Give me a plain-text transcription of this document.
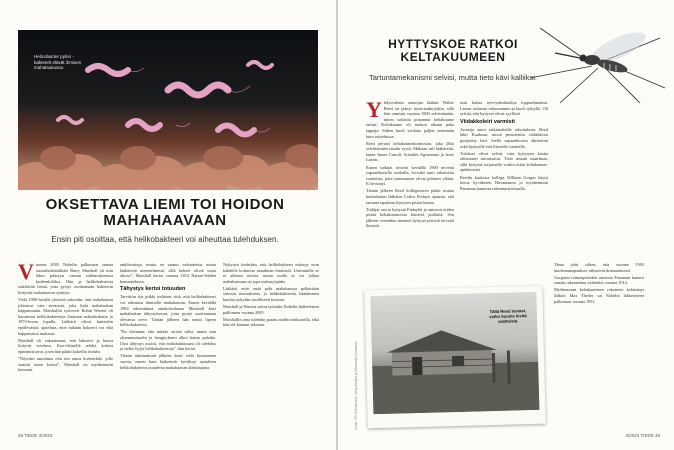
Helicobacter pylori -bakteerit elävät ihmisen mahalaukussa.
OKSETTAVA LIEMI TOI HOIDON MAHAHAAVAAN
Ensin piti osoittaa, että helikobakteeri voi aiheuttaa tulehduksen.

Vuonna 2005 Nobelin palkinnon saanut australialaislääkäri Barry Marshall oli niin lähes pääsyyn omaan tutkimukseensa koehenkilöksi. Hän ja helikobakteeria sisältävää lientä, jotta pystyi osoittamaan bakteerin liittyvän mahahaavan syntyyn.

Vielä 1980-luvulla yleisesti uskottiin, että mahahaavat johtuivat vain stressistä, joka lisää mahalaukun happamuutta. Marshallin työtoveri Robin Warren oli havainnut helikobakteereja ihmisten mahalaukusta jo 1970-luvun lopulla. Lääkärit olivat kuitenkin epäileväisiä: ajateltiin, ettei mikään bakteeri voi elää happamassa mahassa.

Marshall oli vakuuttunut, että bakteeri ja haava liittyvät toisiinsa. Koe-eläimillä tehdyt kokeet epäonnistuivat, joten hän päätti kokeilla itseään.

”Nöyrästi sanottuna olin itse ainoa koehenkilö, jolle saatoin asian kertoa”, Marshall on myöhemmin kertonut.

antibiootteja, mutta en saanut vakuutettua muita lääkäreitä menetelmästä, sillä kokeet olivat vasta alussa”, Marshall kertoi vuonna 2014 Nature-lehden haastattelussa.

Tähystys kertoi totuuden

Tarvittiin siis piikki todisteet siitä, että helikobakteeri voi aiheuttaa ihmiselle mahahaavan. Ennen keväällä 1984 tekemäänsä omakokeiluaan Marshall kävi mahalaukun tähystyksessä, jotta pystyi osoittamaan olevansa terve. Tämän jälkeen hän nautti lipeyn helikobakteeria.

”En olettanut, että mitään oireita tulisi, mutta sain oksennustaudin ja hengitykseni alkoi haista pahalta. Uusi tähystys osoitti, että mahalaukussani oli tulehdus ja sieltä löytyi helikobakteereja”, hän kertoi.

Tämän tutkimuksen jälkeen kesti vielä kymmenen vuotta, ennen kuin lääketiede hyväksyi ajatuksen helikobakteerin osuudesta mahahaavan aiheuttajana.

Nykyisin tiedetään, että helikobakteeri esiintyy noin kahdella kolmesta maailman ihmisistä. Useimmille se ei aiheuta oireita, mutta osalla se voi johtaa mahahaavaan tai jopa mahasyöpään.

Lääkärit eivät enää pidä mahahaavaa pelkästään stressin seurauksena, ja helikobakteerin häätäminen kuuluu nykyään tavalliseen hoitoon.

Marshall ja Warren saivat työstään Nobelin lääketieteen palkinnon vuonna 2005.

Marshallin oma tulehdus parani antibioottikuurilla, eikä hän ole katunut tekoaan.

48 TIEDE 3/2023
HYTTYSKOE RATKOI KELTAKUUMEEN
Tartuntamekanismi selvisi, mutta tieto kävi kalliiksi.

Yhdysvaltain armeijan lääkäri Walter Reed on jäänyt historiankirjoihin, sillä hän onnistui vuonna 1900 selvittämään, miten sotilaita piinannut keltakuume tarttui. Keltakuume oli tuohon aikaan paha tappaja. Siihen kuoli sotilaita paljon enemmän kuin taisteluissa.

Reed perusti keltakuumekomission, joka lähti selvittämään taudin syytä. Mukaan tuli lääkäreitä, kuten James Carroll, Aristides Agramonte ja Jesse Lazear.

Ennen tutkijat tiesivät keväällä 1900 tervettä vapaaehtoisilla sotilailla, levisikö tauti tahraisista vaatteista, joita sairastuneet olivat pitäneet yllään. Ei levinnyt.

Tämän jälkeen Reed kollegoineen päätti testata kuubalaisen lääkärin Carlos Finlayn ajatusta, että tartunta tapahtuu hyttysen piston kautta.

Tutkijat saivat hyttysiä Finlayltä ja antoivat niiden pistää keltakuumeesta kärsiviä potilaita. Sen jälkeen vereenkin imeneet hyttyset pistivät terveitä ihmisiä.

ässä hoitaa terveydenhuoltoa loppuelämänsä. Lazear sairastui vakavammin ja kuoli syksyllä. Oli selvää, että hyttyset olivat syyllisiä.

Viidakkoleiri varmisti

Armeija antoi tutkimuksille rahoituksen. Reed lähti Kuubaan, missä perustettiin viidakkoon pystytetty leiri. Siellä vapaaehtoisia altistettiin sekä hyttysille että likaisille vaatteille.

Tulokset olivat selvät: vain hyttysten kautta altistuneet sairastuivat. Tieto muutti maailmaa, sillä hyttysiä torjumalla voitiin estää keltakuume-epidemioita.

Reedin kuuluisa kollega William Gorgas käytti tietoa hyväkseen Havannassa ja myöhemmin Panaman kanavan rakennustyömaalla.

Tämä johti siihen, että vuonna 1903 kuolemantapaukset vähenivät dramaattisesti.

Gorgasin toimenpiteiden ansiosta Panaman kanava saatiin rakennettua valmiiksi vuonna 1914.

Myöhemmin keltakuumeen rokotteen kehittänyt lääkäri Max Theiler sai Nobelin lääketieteen palkinnon vuonna 1951.

Tällä Reed testasi, voiko kuume levitä vaatteista.
Kuvat: SPL/Mostphotos, Getty Images ja Wikimedia Commons
3/2023 TIEDE 49
